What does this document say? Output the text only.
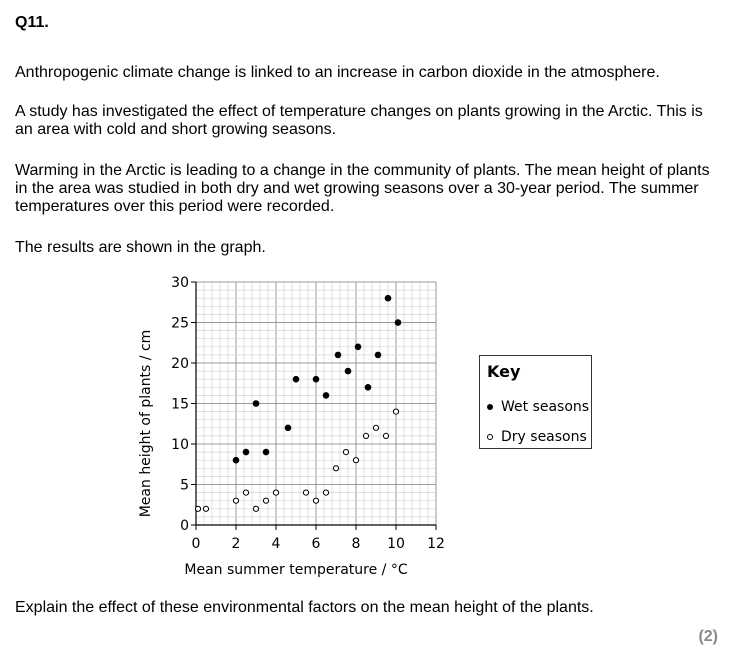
Q11.

Anthropogenic climate change is linked to an increase in carbon dioxide in the atmosphere.

A study has investigated the effect of temperature changes on plants growing in the Arctic. This is an area with cold and short growing seasons.

Warming in the Arctic is leading to a change in the community of plants. The mean height of plants in the area was studied in both dry and wet growing seasons over a 30-year period. The summer temperatures over this period were recorded.

The results are shown in the graph.

0 2 4 6 8 10 12
0
5
10
15
20
25
30
Mean summer temperature / °C
Mean height of plants / cm	Key
Wet seasons
Dry seasons

Explain the effect of these environmental factors on the mean height of the plants.

(2)
